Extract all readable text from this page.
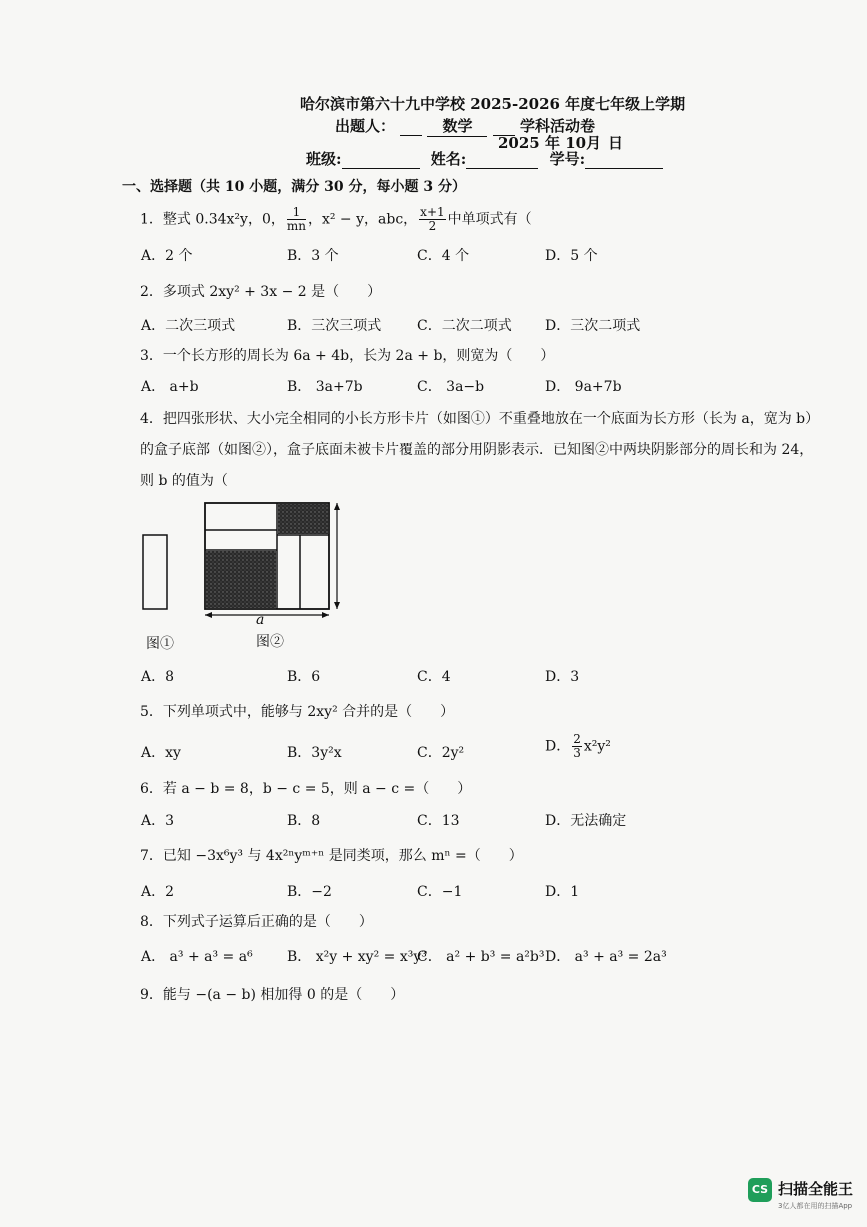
哈尔滨市第六十九中学校 2025-2026 年度七年级上学期
出题人：	数学	学科活动卷
2025 年 10月 日
班级:	姓名:	学号:
一、选择题（共 10 小题，满分 30 分，每小题 3 分）
1．整式 0.34x²y，0， $\frac{1}{mn}$ ，x² − y，abc， $\frac{x+1}{2}$ 中单项式有（
A．2 个	B．3 个	C．4 个	D．5 个
2．多项式 2xy² + 3x − 2 是（　　）
A．二次三项式	B．三次三项式	C．二次二项式 D．三次二项式
3．一个长方形的周长为 6a + 4b，长为 2a + b，则宽为（　　）
A． a+b	B． 3a+7b	C． 3a−b	D． 9a+7b
4．把四张形状、大小完全相同的小长方形卡片（如图①）不重叠地放在一个底面为长方形（长为 a，宽为 b）
的盒子底部（如图②），盒子底面未被卡片覆盖的部分用阴影表示．已知图②中两块阴影部分的周长和为 24，
则 b 的值为（
a
图①	图②
A．8	B．6	C．4	D．3
5．下列单项式中，能够与 2xy² 合并的是（　　）
A．xy	B．3y²x	C．2y²	D． $\frac{2}{3} x^2y^2$
6．若 a − b = 8，b − c = 5，则 a − c =（　　）
A．3	B．8	C．13	D．无法确定
7．已知 −3x⁶y³ 与 4x²ⁿyᵐ⁺ⁿ 是同类项，那么 mⁿ =（　　）
A．2	B．−2	C．−1	D．1
8．下列式子运算后正确的是（　　）
A． a³ + a³ = a⁶ B． x²y + xy² = x³y³
C． a² + b³ = a²b³ D． a³ + a³ = 2a³
9．能与 −(a − b) 相加得 0 的是（　　）
CS 扫描全能王
3亿人都在用的扫描App
